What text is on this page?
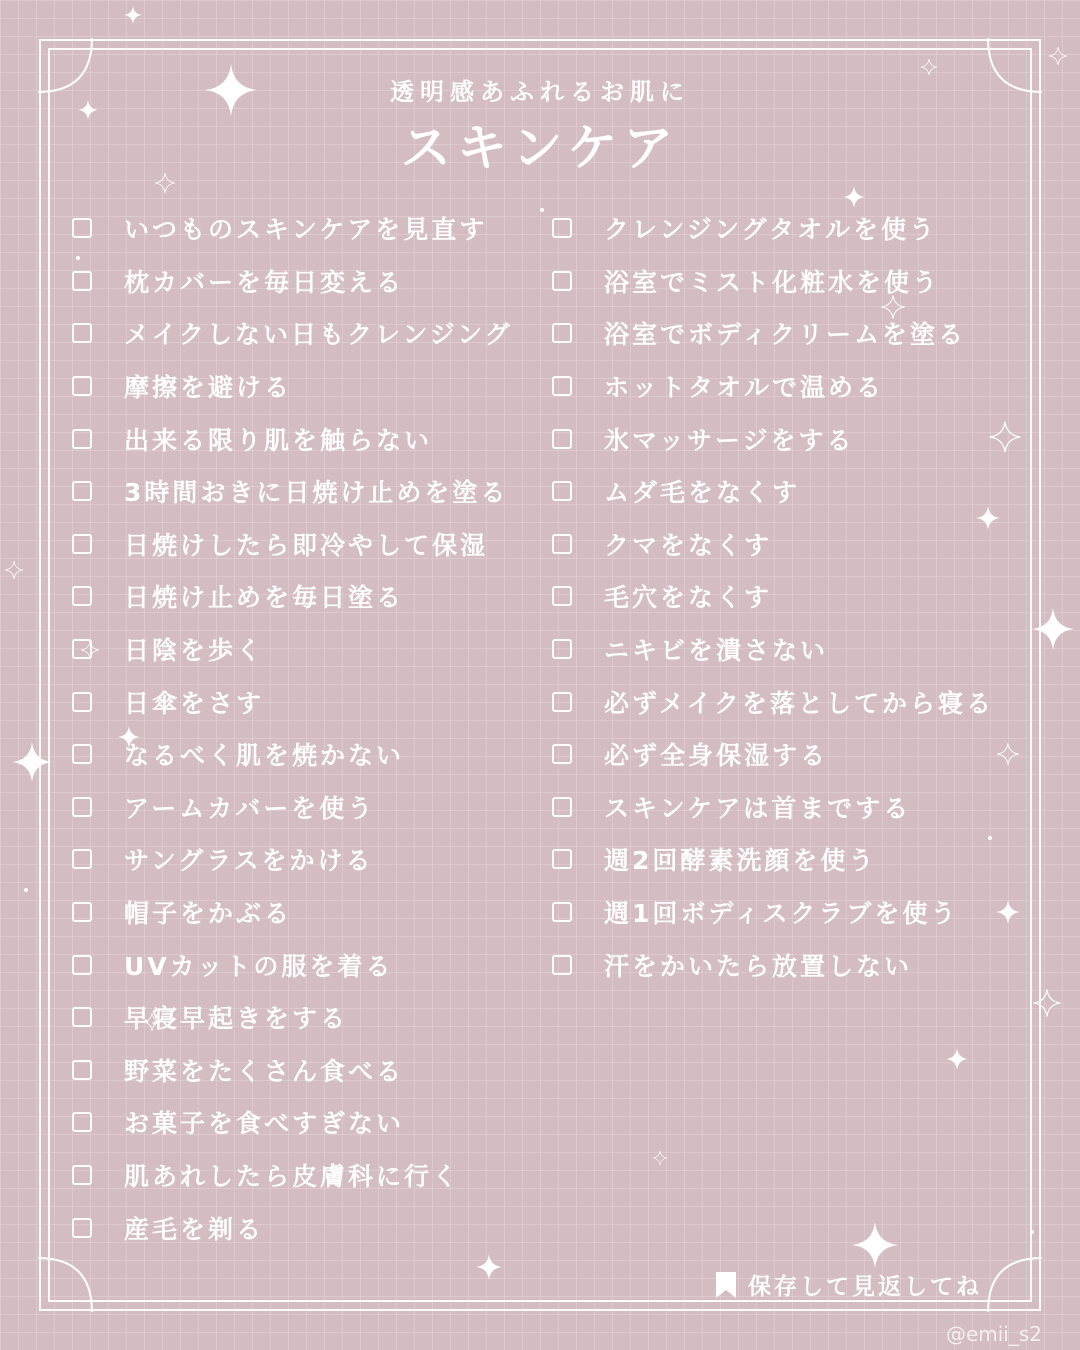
透明感あふれるお肌に
スキンケア
いつものスキンケアを見直す
枕カバーを毎日変える
メイクしない日もクレンジング
摩擦を避ける
出来る限り肌を触らない
3時間おきに日焼け止めを塗る
日焼けしたら即冷やして保湿
日焼け止めを毎日塗る
日陰を歩く
日傘をさす
なるべく肌を焼かない
アームカバーを使う
サングラスをかける
帽子をかぶる
UVカットの服を着る
早寝早起きをする
野菜をたくさん食べる
お菓子を食べすぎない
肌あれしたら皮膚科に行く
産毛を剃る
クレンジングタオルを使う
浴室でミスト化粧水を使う
浴室でボディクリームを塗る
ホットタオルで温める
氷マッサージをする
ムダ毛をなくす
クマをなくす
毛穴をなくす
ニキビを潰さない
必ずメイクを落としてから寝る
必ず全身保湿する
スキンケアは首までする
週2回酵素洗顔を使う
週1回ボディスクラブを使う
汗をかいたら放置しない
保存して見返してね
@emii_s2
